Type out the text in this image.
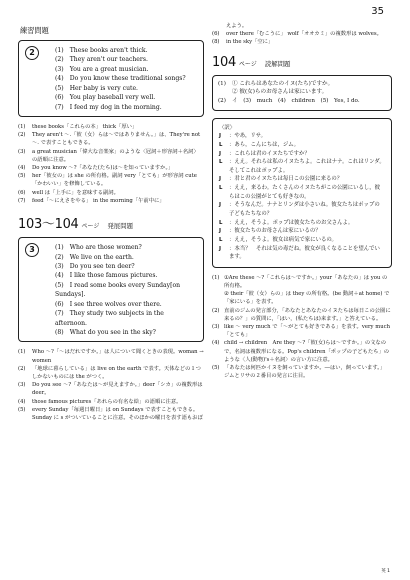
35
練習問題
2	(1)　These books aren't thick.
(2)　They aren't our teachers.
(3)　You are a great musician.
(4)　Do you know these traditional songs?
(5)　Her baby is very cute.
(6)　You play baseball very well.
(7)　I feed my dog in the morning.
(1)	these books「これらの本」 thick「厚い」
(2)	They aren't ～.「彼（女）らは～ではありません。」は、They're not ～. で表すこともできる。
(3)	a great musician「偉大な音楽家」のような〈冠詞＋形容詞＋名詞〉の語順に注意。
(4)	Do you know ～?「あなた(たち)は～を知っていますか。」
(5)	her「彼女の」は she の所有格。副詞 very「とても」が形容詞 cute「かわいい」を修飾している。
(6)	well は「上手に」を意味する副詞。
(7)	feed「～にえさをやる」 in the morning「午前中に」
103〜104 ページ 発展問題
3	(1)　Who are those women?
(2)　We live on the earth.
(3)　Do you see ten deer?
(4)　I like those famous pictures.
(5)　I read some books every Sunday[on Sundays].
(6)　I see three wolves over there.
(7)　They study two subjects in the afternoon.
(8)　What do you see in the sky?
(1)	Who ～?「～はだれですか。」は人について聞くときの表現。woman → women
(2)	「地球に暮らしている」は live on the earth で表す。天体などの１つしかないものには the がつく。
(3)	Do you see ～?「あなたは～が見えますか。」deer「シカ」の複数形は deer。
(4)	those famous pictures「あれらの有名な絵」の語順に注意。
(5)	every Sunday「毎週日曜日」は on Sundays で表すこともできる。Sunday に s がついていることに注意。そのほかの曜日を表す語もおぼ
えよう。
(6)	over there「むこうに」 wolf「オオカミ」の複数形は wolves。
(8)	in the sky「空に」
104 ページ 読解問題
(1)	① これらはあなたのイヌ(たち)ですか。
② 彼(女)らのお母さんは家にいます。
(2)	イ　(3)　much　(4)　children　(5)　Yes, I do.
〈訳〉
J	：やあ，リサ。
L	：あら，こんにちは，ジム。
J	：これらは君のイヌたちですか？
L	：ええ。それらは私のイヌたちよ。これはナナ。これはリンダ。そしてこれはポップよ。
J	：君と君のイヌたちは毎日この公園に来るの？
L	：ええ，来るわ。たくさんのイヌたちがこの公園にいるし，彼らはこの公園がとても好きなの。
J	：そうなんだ。ナナとリンダは小さいね。彼女たちはポップの子どもたちなの？
L	：ええ，そうよ。ポップは彼女たちのお父さんよ。
J	：彼女たちのお母さんは家にいるの？
L	：ええ，そうよ。彼女は病気で家にいるの。
J	：本当？　それは気の毒だね。彼女が良くなることを望んでいます。
(1) ①Are these ～?「これらは～ですか。」your「あなたの」は you の所有格。
② their「彼（女）らの」は they の所有格。(be 動詞＋at home) で「家にいる」を表す。
(2) 直前のジムの発言部分，「あなたとあなたのイヌたちは毎日この公園に来るの？」の質問に，「はい，(私たちは)来ます。」と答えている。
(3) like ～ very much で「～がとても好きである」を表す。very much「とても」
(4) child → children　Are they ～?「彼(女)らは～ですか。」の文なので，名詞は複数形になる。Pop's children「ポップの子どもたち」のような〈人(動物)'s＋名詞〉の言い方に注意。
(5) 「あなたは何匹かイヌを飼っていますか。―はい，飼っています。」　ジムとリサの２番目の発言に注目。
英 1
